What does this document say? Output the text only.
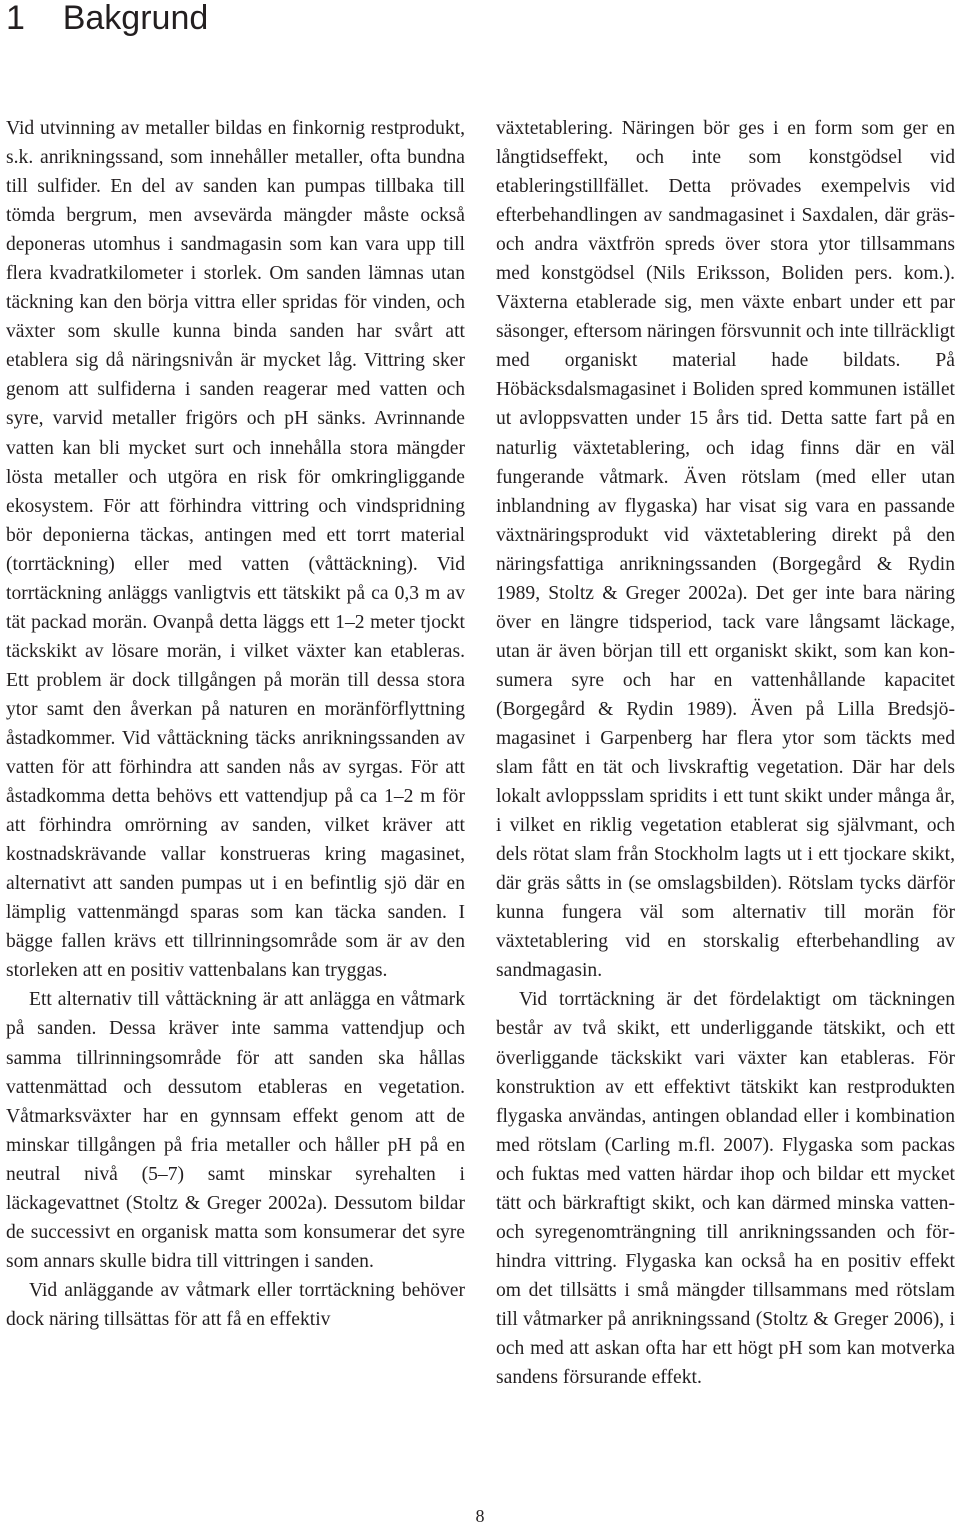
1 Bakgrund

Vid utvinning av metaller bildas en finkornig restprodukt, s.k. anrikningssand, som innehåller metaller, ofta bundna till sulfider. En del av sanden kan pumpas tillbaka till tömda bergrum, men avsevärda mängder måste också deponeras utomhus i sandmagasin som kan vara upp till flera kvadratkilometer i storlek. Om sanden lämnas utan täckning kan den börja vittra eller spridas för vinden, och växter som skulle kunna binda sanden har svårt att etablera sig då näringsnivån är mycket låg. Vittring sker genom att sulfiderna i sanden reagerar med vatten och syre, varvid metaller frigörs och pH sänks. Avrinnande vatten kan bli mycket surt och innehålla stora mängder lösta metaller och utgöra en risk för omkringliggande ekosystem. För att förhindra vittring och vindspridning bör deponierna täckas, antingen med ett torrt material (torrtäckning) eller med vatten (våttäckning). Vid torrtäckning anläggs vanligtvis ett tätskikt på ca 0,3 m av tät packad morän. Ovanpå detta läggs ett 1–2 meter tjockt täckskikt av lösare morän, i vilket växter kan etableras. Ett problem är dock tillgången på morän till dessa stora ytor samt den åverkan på naturen en moränförflyttning åstadkommer. Vid våttäckning täcks anrikningssanden av vatten för att förhindra att sanden nås av syrgas. För att åstadkomma detta behövs ett vattendjup på ca 1–2 m för att förhindra omrörning av sanden, vilket kräver att kostnadskrävande vallar konstrueras kring magasinet, alternativt att sanden pumpas ut i en befintlig sjö där en lämplig vattenmängd sparas som kan täcka sanden. I bägge fallen krävs ett tillrinningsområde som är av den storleken att en positiv vattenbalans kan tryggas.

Ett alternativ till våttäckning är att anlägga en våtmark på sanden. Dessa kräver inte samma vattendjup och samma tillrinningsområde för att sanden ska hållas vattenmättad och dessutom etableras en vegetation. Våtmarksväxter har en gynnsam effekt genom att de minskar tillgången på fria metaller och håller pH på en neutral nivå (5–7) samt minskar syrehalten i läckagevattnet (Stoltz & Greger 2002a). Dessutom bildar de successivt en organisk matta som konsumerar det syre som annars skulle bidra till vittringen i sanden.

Vid anläggande av våtmark eller torrtäckning behöver dock näring tillsättas för att få en effektiv

växtetablering. Näringen bör ges i en form som ger en långtidseffekt, och inte som konstgödsel vid etableringstillfället. Detta prövades exempelvis vid efterbehandlingen av sandmagasinet i Saxdalen, där gräs- och andra växtfrön spreds över stora ytor tillsammans med konstgödsel (Nils Eriksson, Boliden pers. kom.). Växterna etablerade sig, men växte enbart under ett par säsonger, eftersom näringen försvunnit och inte tillräckligt med organiskt material hade bildats. På Höbäcksdalsmagasinet i Boliden spred kommunen istället ut avloppsvatten under 15 års tid. Detta satte fart på en naturlig växtetablering, och idag finns där en väl fungerande våtmark. Även rötslam (med eller utan inblandning av flygaska) har visat sig vara en passande växtnäringsprodukt vid växtetablering direkt på den näringsfattiga anrikningssanden (Borgegård & Rydin 1989, Stoltz & Greger 2002a). Det ger inte bara näring över en längre tidsperiod, tack vare långsamt läckage, utan är även början till ett organiskt skikt, som kan konsumera syre och har en vattenhållande kapacitet (Borgegård & Rydin 1989). Även på Lilla Bredsjömagasinet i Garpenberg har flera ytor som täckts med slam fått en tät och livskraftig vegetation. Där har dels lokalt avloppsslam spridits i ett tunt skikt under många år, i vilket en riklig vegetation etablerat sig självmant, och dels rötat slam från Stockholm lagts ut i ett tjockare skikt, där gräs såtts in (se omslagsbilden). Rötslam tycks därför kunna fungera väl som alternativ till morän för växtetablering vid en storskalig efterbehandling av sandmagasin.

Vid torrtäckning är det fördelaktigt om täckningen består av två skikt, ett underliggande tätskikt, och ett överliggande täckskikt vari växter kan etableras. För konstruktion av ett effektivt tätskikt kan restprodukten flygaska användas, antingen oblandad eller i kombination med rötslam (Carling m.fl. 2007). Flygaska som packas och fuktas med vatten härdar ihop och bildar ett mycket tätt och bärkraftigt skikt, och kan därmed minska vatten- och syregenomträngning till anrikningssanden och förhindra vittring. Flygaska kan också ha en positiv effekt om det tillsätts i små mängder tillsammans med rötslam till våtmarker på anrikningssand (Stoltz & Greger 2006), i och med att askan ofta har ett högt pH som kan motverka sandens försurande effekt.

8
